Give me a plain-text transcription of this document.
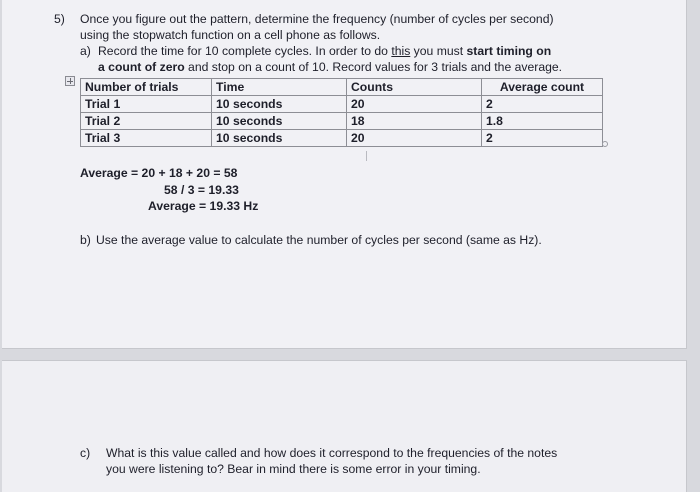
5) Once you figure out the pattern, determine the frequency (number of cycles per second)

using the stopwatch function on a cell phone as follows.

a) Record the time for 10 complete cycles. In order to do this you must start timing on

a count of zero and stop on a count of 10. Record values for 3 trials and the average.

Number of trials	Time	Counts	Average count
Trial 1	10 seconds	20	2
Trial 2	10 seconds	18	1.8
Trial 3	10 seconds	20	2

Average = 20 + 18 + 20 = 58

58 / 3 = 19.33

Average = 19.33 Hz

b) Use the average value to calculate the number of cycles per second (same as Hz).

c) What is this value called and how does it correspond to the frequencies of the notes

you were listening to? Bear in mind there is some error in your timing.
